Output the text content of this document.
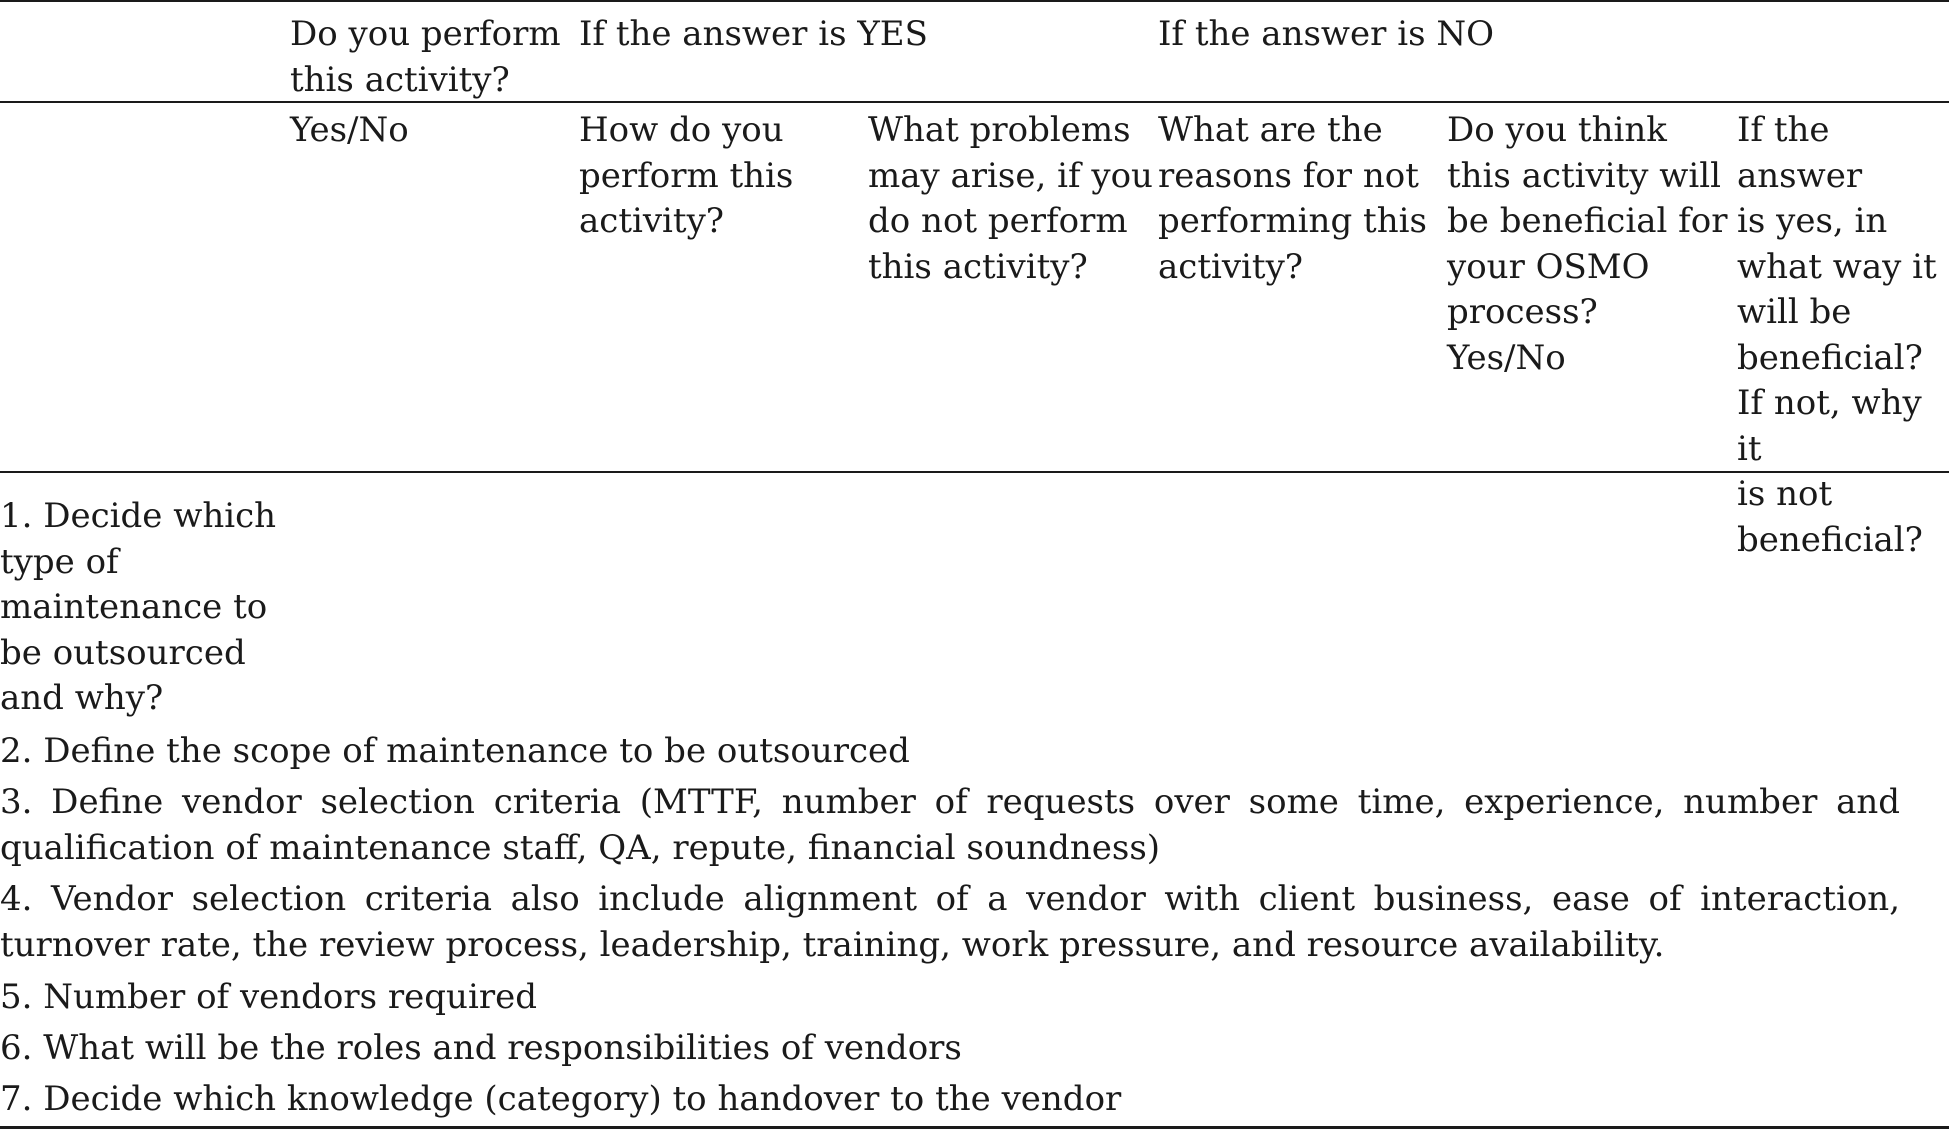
Do you perform
this activity?
If the answer is YES	If the answer is NO
Yes/No	How do you
perform this
activity?
What problems
may arise, if you
do not perform
this activity?
What are the
reasons for not
performing this
activity?
Do you think
this activity will
be beneficial for
your OSMO
process?
Yes/No
If the answer
is yes, in
what way it
will be
beneficial?
If not, why it
is not
beneficial?
1. Decide which
type of
maintenance to
be outsourced
and why?
2. Define the scope of maintenance to be outsourced
3. Define vendor selection criteria (MTTF, number of requests over some time, experience, number and qualification of maintenance staff, QA, repute, financial soundness)
4. Vendor selection criteria also include alignment of a vendor with client business, ease of interaction, turnover rate, the review process, leadership, training, work pressure, and resource availability.
5. Number of vendors required
6. What will be the roles and responsibilities of vendors
7. Decide which knowledge (category) to handover to the vendor
